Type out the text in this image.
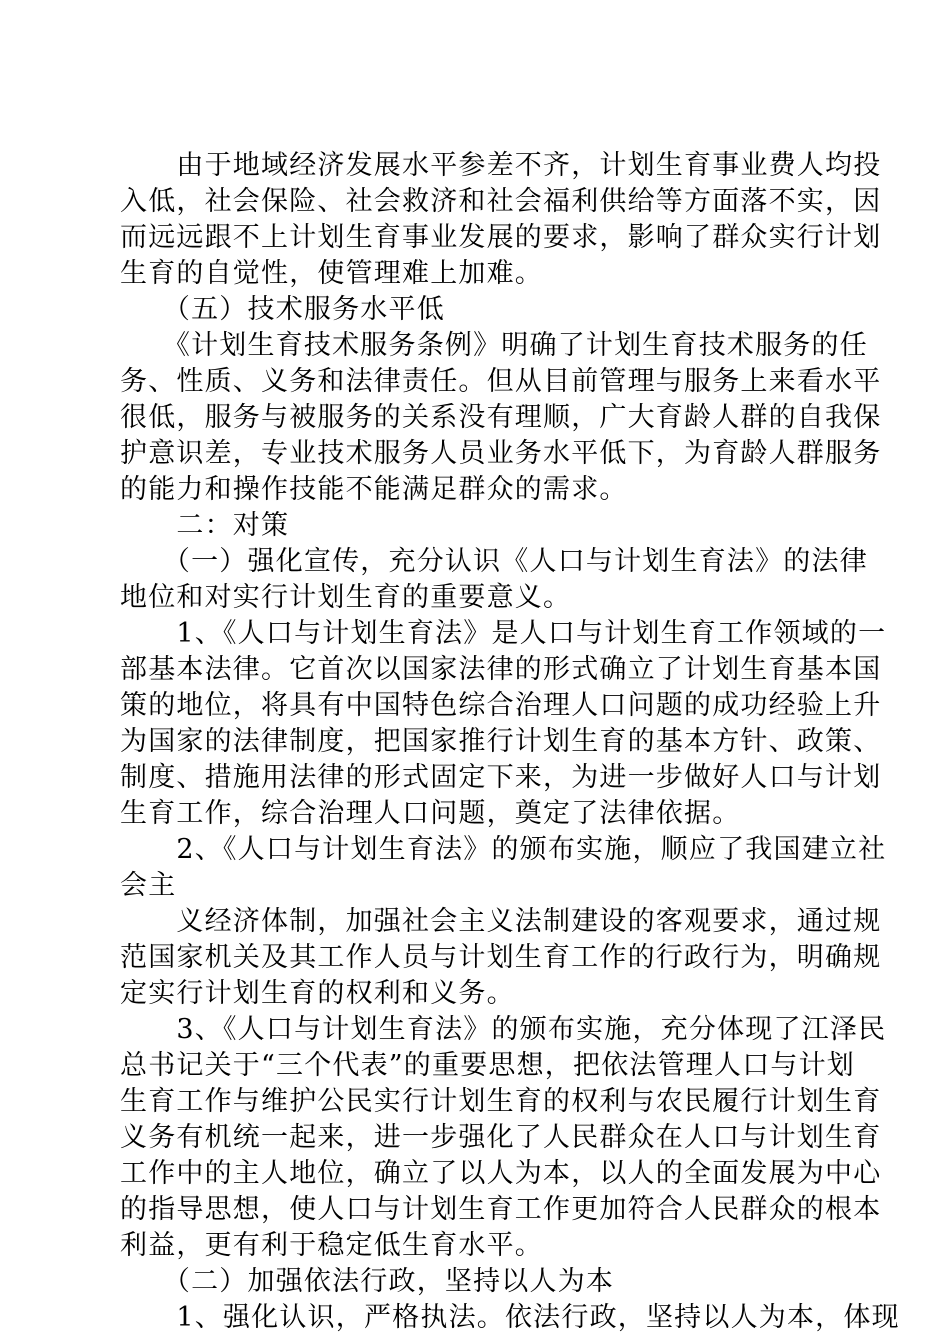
　　由于地域经济发展水平参差不齐，计划生育事业费人均投
入低，社会保险、社会救济和社会福利供给等方面落不实，因
而远远跟不上计划生育事业发展的要求，影响了群众实行计划
生育的自觉性，使管理难上加难。
　　（五）技术服务水平低
　　《计划生育技术服务条例》明确了计划生育技术服务的任
务、性质、义务和法律责任。但从目前管理与服务上来看水平
很低，服务与被服务的关系没有理顺，广大育龄人群的自我保
护意识差，专业技术服务人员业务水平低下，为育龄人群服务
的能力和操作技能不能满足群众的需求。
　　二：对策
　　（一）强化宣传，充分认识《人口与计划生育法》的法律
地位和对实行计划生育的重要意义。
　　1、《人口与计划生育法》是人口与计划生育工作领域的一
部基本法律。它首次以国家法律的形式确立了计划生育基本国
策的地位，将具有中国特色综合治理人口问题的成功经验上升
为国家的法律制度，把国家推行计划生育的基本方针、政策、
制度、措施用法律的形式固定下来，为进一步做好人口与计划
生育工作，综合治理人口问题，奠定了法律依据。
　　2、《人口与计划生育法》的颁布实施，顺应了我国建立社
会主
　　义经济体制，加强社会主义法制建设的客观要求，通过规
范国家机关及其工作人员与计划生育工作的行政行为，明确规
定实行计划生育的权利和义务。
　　3、《人口与计划生育法》的颁布实施，充分体现了江泽民
总书记关于“三个代表”的重要思想，把依法管理人口与计划
生育工作与维护公民实行计划生育的权利与农民履行计划生育
义务有机统一起来，进一步强化了人民群众在人口与计划生育
工作中的主人地位，确立了以人为本，以人的全面发展为中心
的指导思想，使人口与计划生育工作更加符合人民群众的根本
利益，更有利于稳定低生育水平。
　　（二）加强依法行政，坚持以人为本
　　1、强化认识，严格执法。依法行政，坚持以人为本，体现
